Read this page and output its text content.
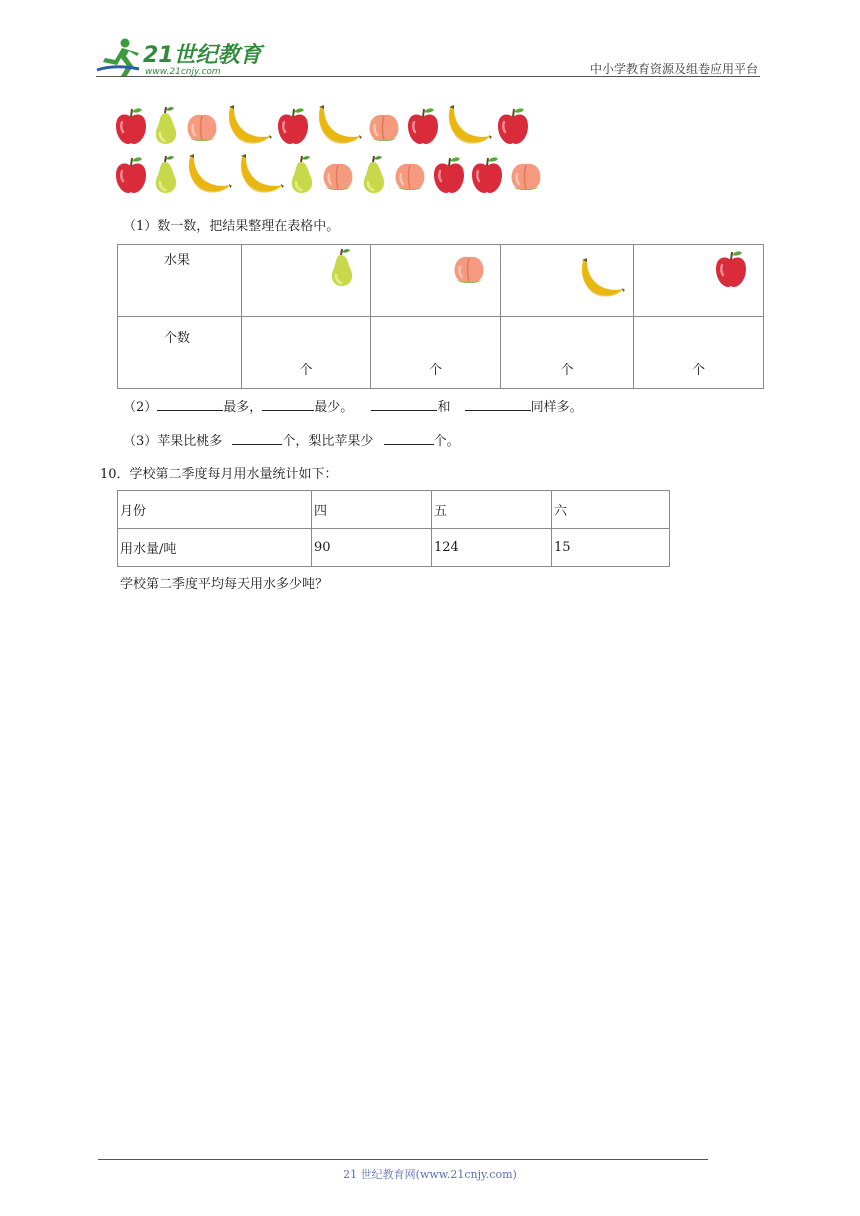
21世纪教育
www.21cnjy.com	中小学教育资源及组卷应用平台
（1）数一数，把结果整理在表格中。
水果

个数	个	个	个	个
（2）	最多，	最少。	和	同样多。
（3）苹果比桃多	个，梨比苹果少	个。
10．学校第二季度每月用水量统计如下：
月份	四	五	六
用水量/吨	90	124	15
学校第二季度平均每天用水多少吨？
21 世纪教育网(www.21cnjy.com)
